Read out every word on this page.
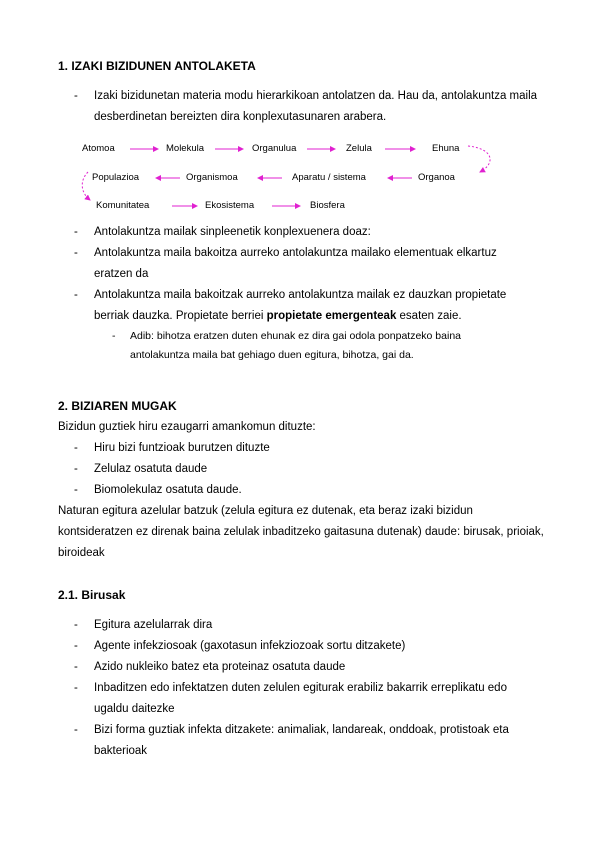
1. IZAKI BIZIDUNEN ANTOLAKETA
- Izaki bizidunetan materia modu hierarkikoan antolatzen da. Hau da, antolakuntza maila desberdinetan bereizten dira konplexutasunaren arabera.
Atomoa	Molekula	Organulua	Zelula	Ehuna
Organoa
Aparatu / sistema
Organismoa
Populazioa
Komunitatea	Ekosistema	Biosfera
- Antolakuntza mailak sinpleenetik konplexuenera doaz:
- Antolakuntza maila bakoitza aurreko antolakuntza mailako elementuak elkartuz eratzen da
- Antolakuntza maila bakoitzak aurreko antolakuntza mailak ez dauzkan propietate berriak dauzka. Propietate berriei propietate emergenteak esaten zaie.
- Adib: bihotza eratzen duten ehunak ez dira gai odola ponpatzeko baina antolakuntza maila bat gehiago duen egitura, bihotza, gai da.
2. BIZIAREN MUGAK

Bizidun guztiek hiru ezaugarri amankomun dituzte:

- Hiru bizi funtzioak burutzen dituzte
- Zelulaz osatuta daude
- Biomolekulaz osatuta daude.

Naturan egitura azelular batzuk (zelula egitura ez dutenak, eta beraz izaki bizidun kontsideratzen ez direnak baina zelulak inbaditzeko gaitasuna dutenak) daude: birusak, prioiak, biroideak

2.1. Birusak
- Egitura azelularrak dira
- Agente infekziosoak (gaxotasun infekziozoak sortu ditzakete)
- Azido nukleiko batez eta proteinaz osatuta daude
- Inbaditzen edo infektatzen duten zelulen egiturak erabiliz bakarrik erreplikatu edo ugaldu daitezke
- Bizi forma guztiak infekta ditzakete: animaliak, landareak, onddoak, protistoak eta bakterioak
